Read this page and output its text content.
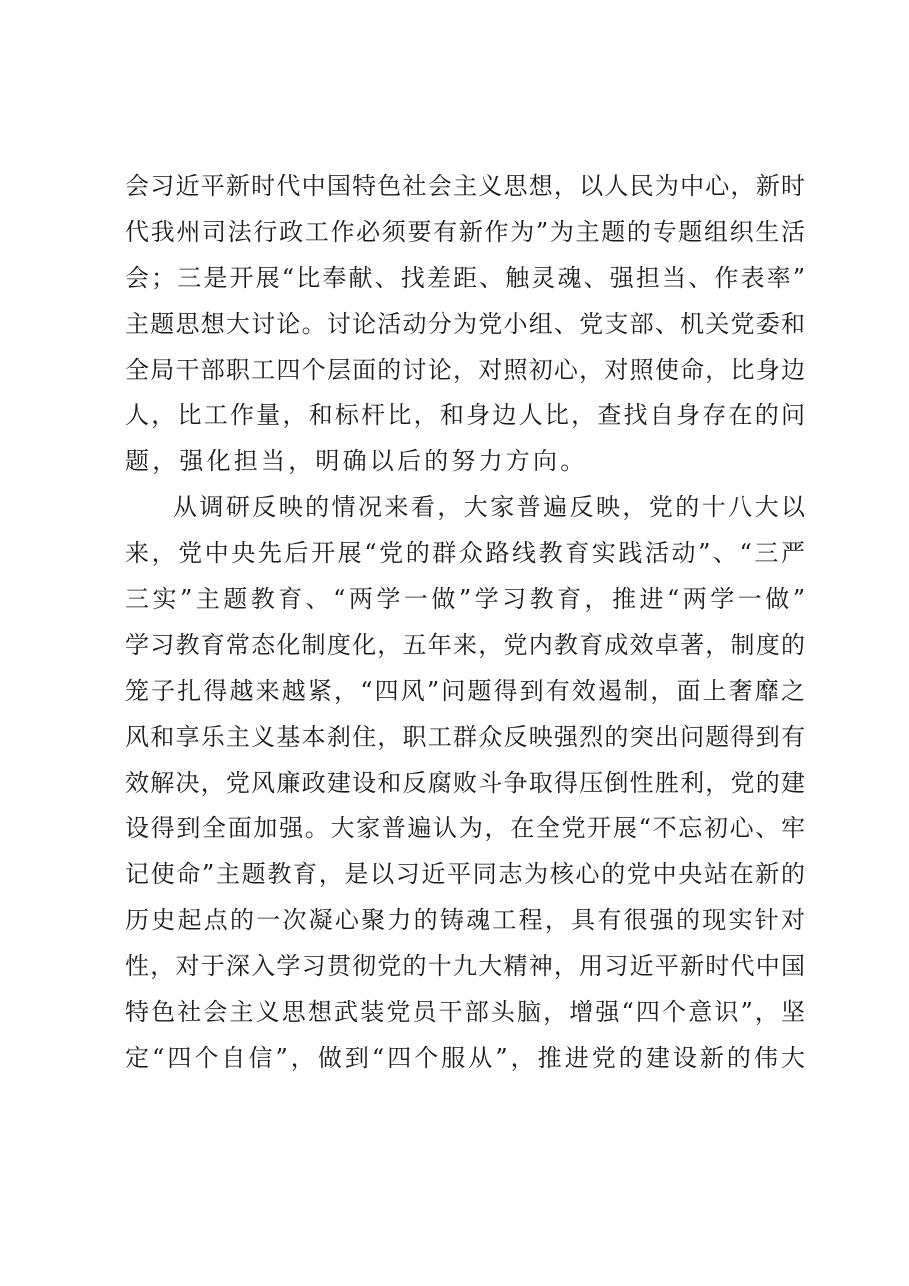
会习近平新时代中国特色社会主义思想，以人民为中心，新时
代我州司法行政工作必须要有新作为”为主题的专题组织生活
会；三是开展“比奉献、找差距、触灵魂、强担当、作表率”
主题思想大讨论。讨论活动分为党小组、党支部、机关党委和
全局干部职工四个层面的讨论，对照初心，对照使命，比身边
人，比工作量，和标杆比，和身边人比，查找自身存在的问
题，强化担当，明确以后的努力方向。
从调研反映的情况来看，大家普遍反映，党的十八大以
来，党中央先后开展“党的群众路线教育实践活动”、“三严
三实”主题教育、“两学一做”学习教育，推进“两学一做”
学习教育常态化制度化，五年来，党内教育成效卓著，制度的
笼子扎得越来越紧，“四风”问题得到有效遏制，面上奢靡之
风和享乐主义基本刹住，职工群众反映强烈的突出问题得到有
效解决，党风廉政建设和反腐败斗争取得压倒性胜利，党的建
设得到全面加强。大家普遍认为，在全党开展“不忘初心、牢
记使命”主题教育，是以习近平同志为核心的党中央站在新的
历史起点的一次凝心聚力的铸魂工程，具有很强的现实针对
性，对于深入学习贯彻党的十九大精神，用习近平新时代中国
特色社会主义思想武装党员干部头脑，增强“四个意识”，坚
定“四个自信”，做到“四个服从”，推进党的建设新的伟大
